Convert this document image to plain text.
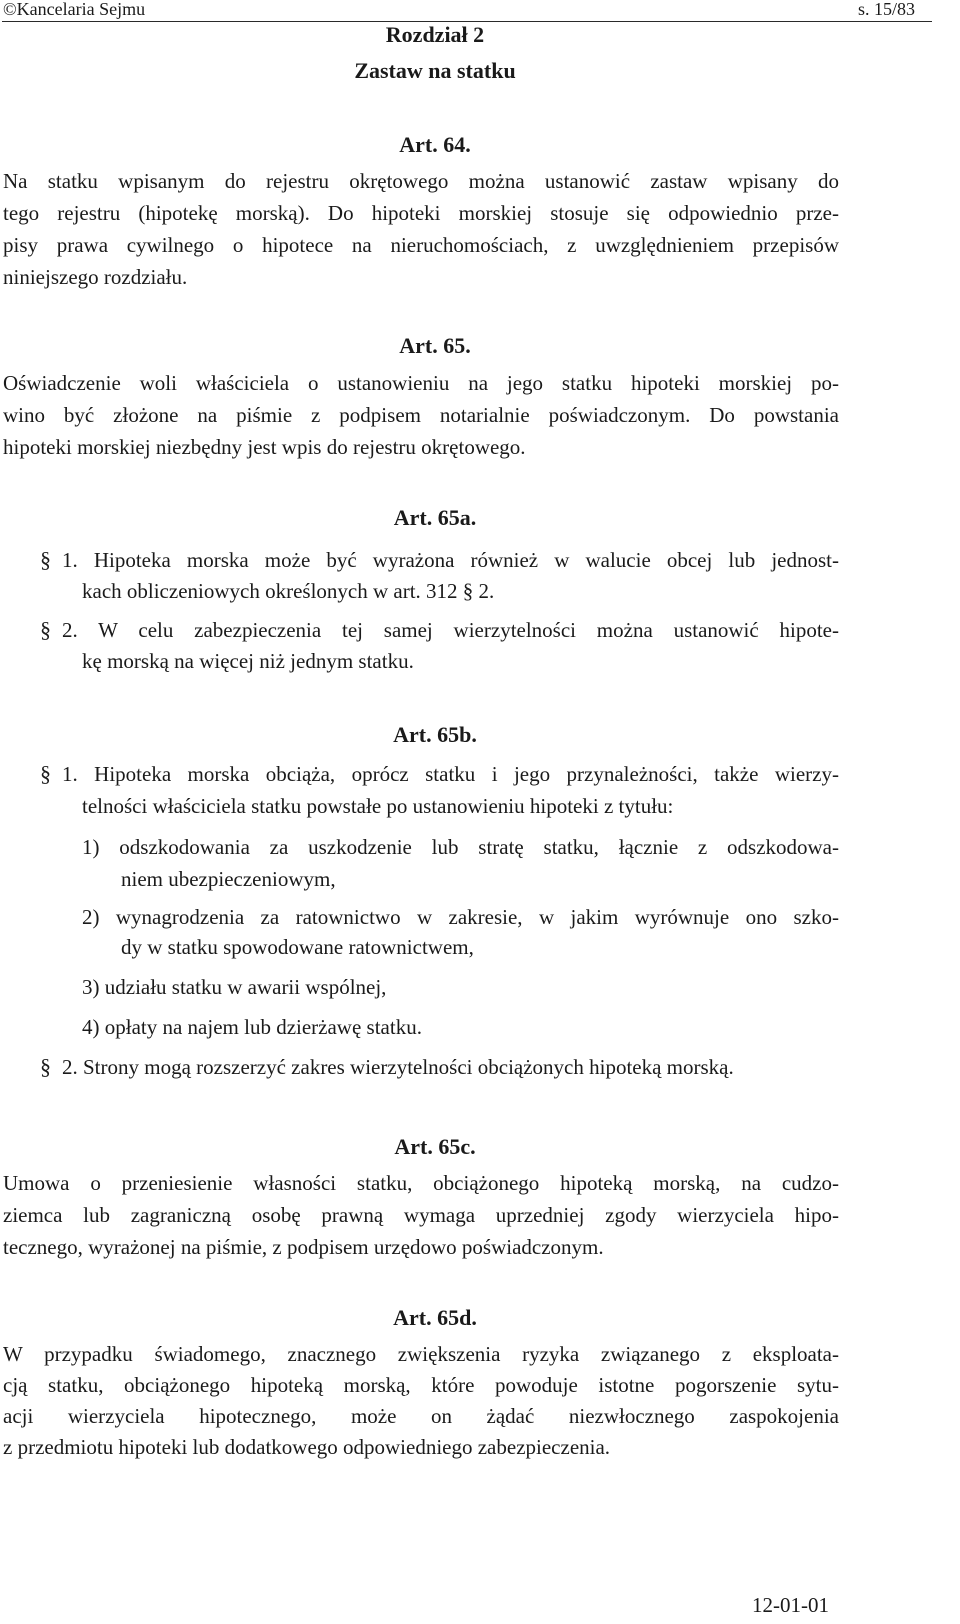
©Kancelaria Sejmu	s. 15/83
Rozdział 2
Zastaw na statku
Art. 64.
Na statku wpisanym do rejestru okrętowego można ustanowić zastaw wpisany do
tego rejestru (hipotekę morską). Do hipoteki morskiej stosuje się odpowiednio prze-
pisy prawa cywilnego o hipotece na nieruchomościach, z uwzględnieniem przepisów
niniejszego rozdziału.
Art. 65.
Oświadczenie woli właściciela o ustanowieniu na jego statku hipoteki morskiej po-
wino być złożone na piśmie z podpisem notarialnie poświadczonym. Do powstania
hipoteki morskiej niezbędny jest wpis do rejestru okrętowego.
Art. 65a.
§ 1. Hipoteka morska może być wyrażona również w walucie obcej lub jednost-
kach obliczeniowych określonych w art. 312 § 2.
§ 2. W celu zabezpieczenia tej samej wierzytelności można ustanowić hipote-
kę morską na więcej niż jednym statku.
Art. 65b.
§ 1. Hipoteka morska obciąża, oprócz statku i jego przynależności, także wierzy-
telności właściciela statku powstałe po ustanowieniu hipoteki z tytułu:
1) odszkodowania za uszkodzenie lub stratę statku, łącznie z odszkodowa-
niem ubezpieczeniowym,
2) wynagrodzenia za ratownictwo w zakresie, w jakim wyrównuje ono szko-
dy w statku spowodowane ratownictwem,
3) udziału statku w awarii wspólnej,
4) opłaty na najem lub dzierżawę statku.
§ 2. Strony mogą rozszerzyć zakres wierzytelności obciążonych hipoteką morską.
Art. 65c.
Umowa o przeniesienie własności statku, obciążonego hipoteką morską, na cudzo-
ziemca lub zagraniczną osobę prawną wymaga uprzedniej zgody wierzyciela hipo-
tecznego, wyrażonej na piśmie, z podpisem urzędowo poświadczonym.
Art. 65d.
W przypadku świadomego, znacznego zwiększenia ryzyka związanego z eksploata-
cją statku, obciążonego hipoteką morską, które powoduje istotne pogorszenie sytu-
acji wierzyciela hipotecznego, może on żądać niezwłocznego zaspokojenia
z przedmiotu hipoteki lub dodatkowego odpowiedniego zabezpieczenia.
12-01-01
